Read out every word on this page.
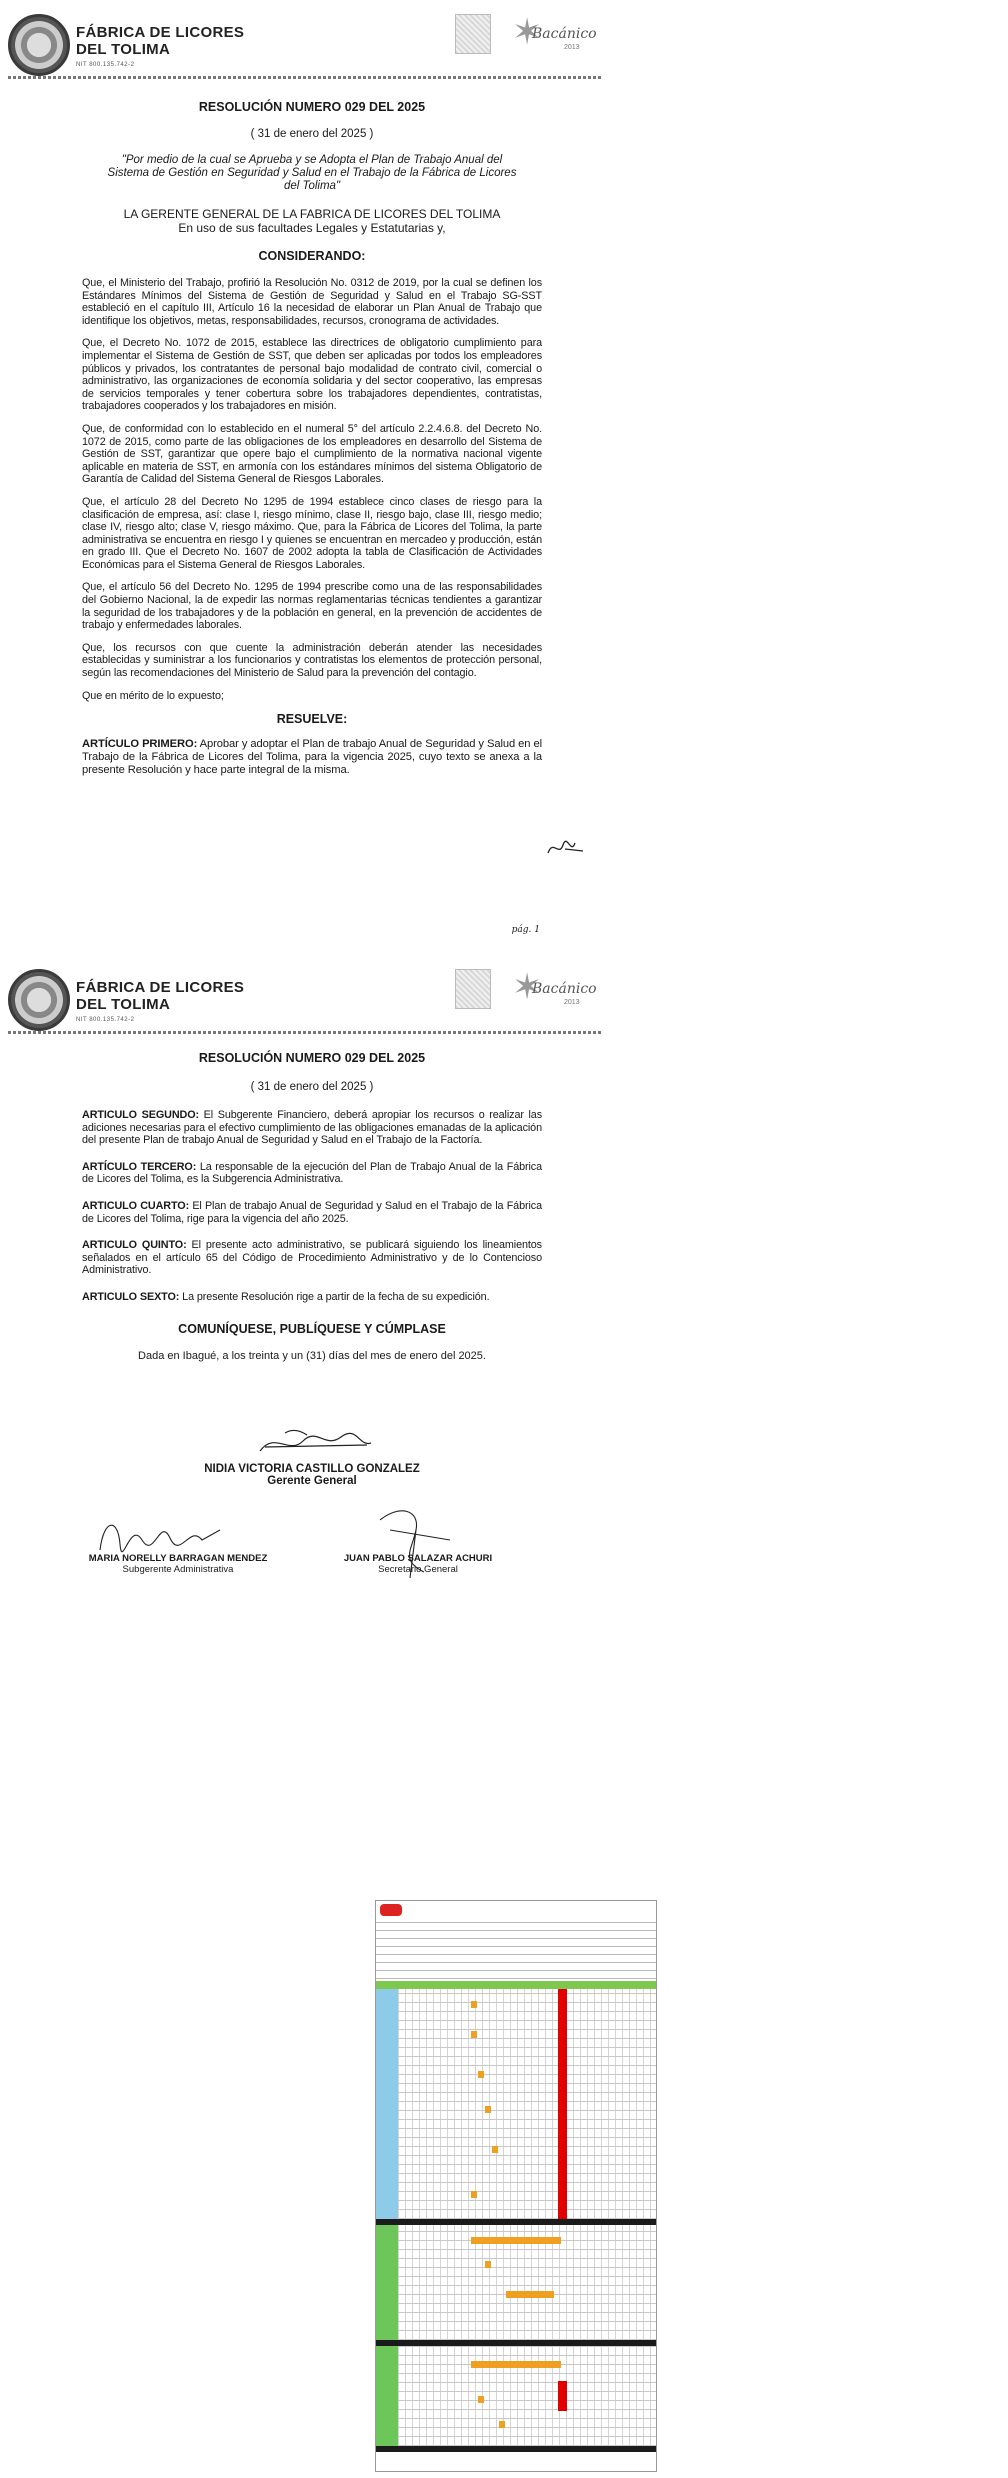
FÁBRICA DE LICORES
DEL TOLIMA
NIT 800.135.742-2
✶
Bacánico
2013
RESOLUCIÓN NUMERO 029 DEL 2025
( 31 de enero del 2025 )
"Por medio de la cual se Aprueba y se Adopta el Plan de Trabajo Anual del Sistema de Gestión en Seguridad y Salud en el Trabajo de la Fábrica de Licores del Tolima"
LA GERENTE GENERAL DE LA FABRICA DE LICORES DEL TOLIMA
En uso de sus facultades Legales y Estatutarias y,
CONSIDERANDO:

Que, el Ministerio del Trabajo, profirió la Resolución No. 0312 de 2019, por la cual se definen los Estándares Mínimos del Sistema de Gestión de Seguridad y Salud en el Trabajo SG-SST estableció en el capítulo III, Artículo 16 la necesidad de elaborar un Plan Anual de Trabajo que identifique los objetivos, metas, responsabilidades, recursos, cronograma de actividades.

Que, el Decreto No. 1072 de 2015, establece las directrices de obligatorio cumplimiento para implementar el Sistema de Gestión de SST, que deben ser aplicadas por todos los empleadores públicos y privados, los contratantes de personal bajo modalidad de contrato civil, comercial o administrativo, las organizaciones de economía solidaria y del sector cooperativo, las empresas de servicios temporales y tener cobertura sobre los trabajadores dependientes, contratistas, trabajadores cooperados y los trabajadores en misión.

Que, de conformidad con lo establecido en el numeral 5° del artículo 2.2.4.6.8. del Decreto No. 1072 de 2015, como parte de las obligaciones de los empleadores en desarrollo del Sistema de Gestión de SST, garantizar que opere bajo el cumplimiento de la normativa nacional vigente aplicable en materia de SST, en armonía con los estándares mínimos del sistema Obligatorio de Garantía de Calidad del Sistema General de Riesgos Laborales.

Que, el artículo 28 del Decreto No 1295 de 1994 establece cinco clases de riesgo para la clasificación de empresa, así: clase I, riesgo mínimo, clase II, riesgo bajo, clase III, riesgo medio; clase IV, riesgo alto; clase V, riesgo máximo. Que, para la Fábrica de Licores del Tolima, la parte administrativa se encuentra en riesgo I y quienes se encuentran en mercadeo y producción, están en grado III. Que el Decreto No. 1607 de 2002 adopta la tabla de Clasificación de Actividades Económicas para el Sistema General de Riesgos Laborales.

Que, el artículo 56 del Decreto No. 1295 de 1994 prescribe como una de las responsabilidades del Gobierno Nacional, la de expedir las normas reglamentarias técnicas tendientes a garantizar la seguridad de los trabajadores y de la población en general, en la prevención de accidentes de trabajo y enfermedades laborales.

Que, los recursos con que cuente la administración deberán atender las necesidades establecidas y suministrar a los funcionarios y contratistas los elementos de protección personal, según las recomendaciones del Ministerio de Salud para la prevención del contagio.

Que en mérito de lo expuesto;

RESUELVE:

ARTÍCULO PRIMERO: Aprobar y adoptar el Plan de trabajo Anual de Seguridad y Salud en el Trabajo de la Fábrica de Licores del Tolima, para la vigencia 2025, cuyo texto se anexa a la presente Resolución y hace parte integral de la misma.

pág. 1
FÁBRICA DE LICORES
DEL TOLIMA
NIT 800.135.742-2
✶
Bacánico
2013
RESOLUCIÓN NUMERO 029 DEL 2025
( 31 de enero del 2025 )

ARTICULO SEGUNDO: El Subgerente Financiero, deberá apropiar los recursos o realizar las adiciones necesarias para el efectivo cumplimiento de las obligaciones emanadas de la aplicación del presente Plan de trabajo Anual de Seguridad y Salud en el Trabajo de la Factoría.

ARTÍCULO TERCERO: La responsable de la ejecución del Plan de Trabajo Anual de la Fábrica de Licores del Tolima, es la Subgerencia Administrativa.

ARTICULO CUARTO: El Plan de trabajo Anual de Seguridad y Salud en el Trabajo de la Fábrica de Licores del Tolima, rige para la vigencia del año 2025.

ARTICULO QUINTO: El presente acto administrativo, se publicará siguiendo los lineamientos señalados en el artículo 65 del Código de Procedimiento Administrativo y de lo Contencioso Administrativo.

ARTICULO SEXTO: La presente Resolución rige a partir de la fecha de su expedición.

COMUNÍQUESE, PUBLÍQUESE Y CÚMPLASE
Dada en Ibagué, a los treinta y un (31) días del mes de enero del 2025.
NIDIA VICTORIA CASTILLO GONZALEZ
Gerente General
MARIA NORELLY BARRAGAN MENDEZ
Subgerente Administrativa
JUAN PABLO SALAZAR ACHURI
Secretario General
